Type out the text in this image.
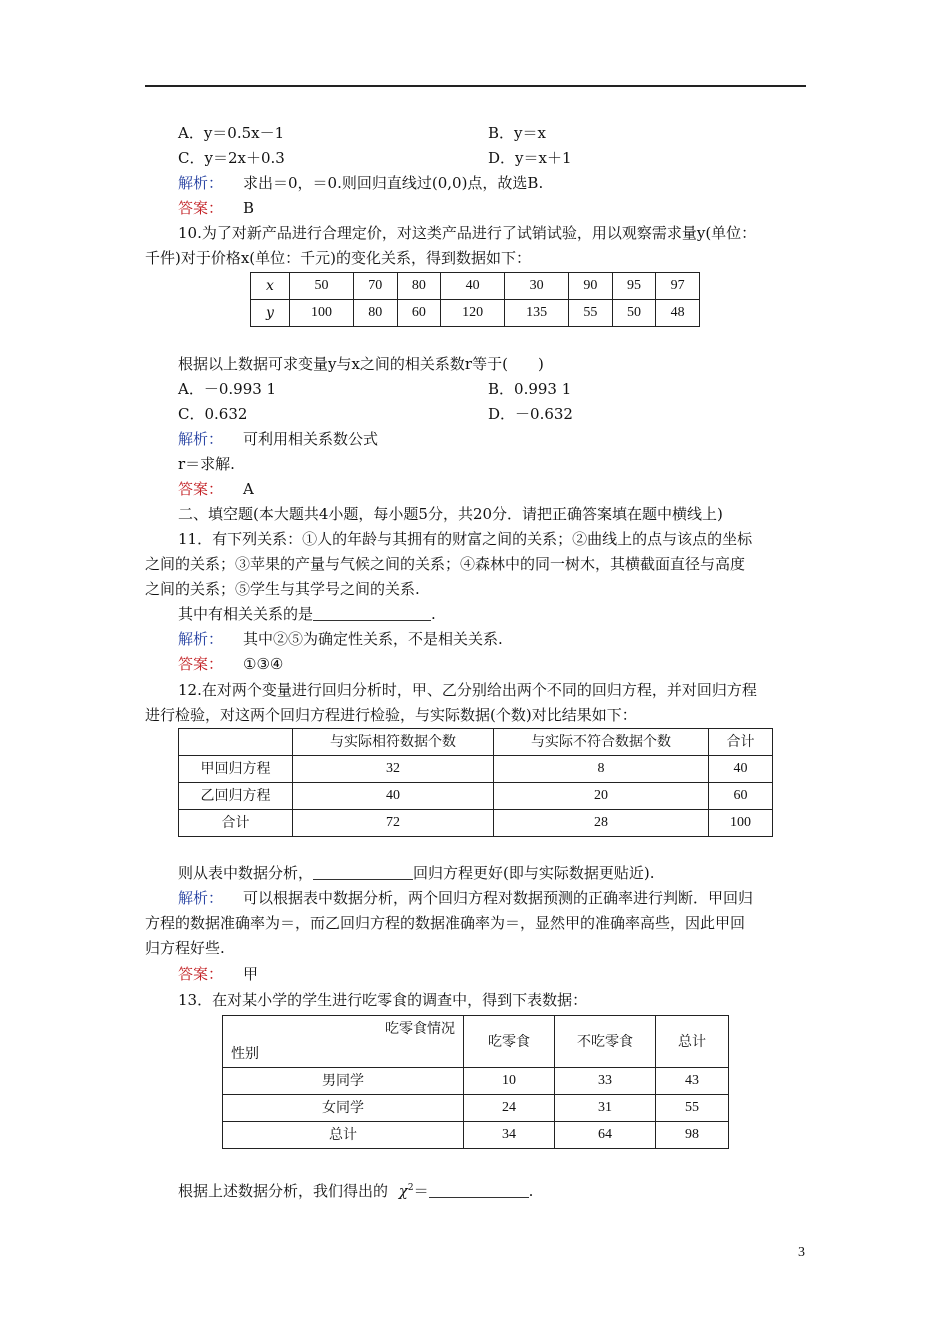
A．y＝0.5x－1	B．y＝x
C．y＝2x＋0.3	D．y＝x＋1
解析： 求出＝0，＝0.则回归直线过(0,0)点，故选B.
答案： B
10.为了对新产品进行合理定价，对这类产品进行了试销试验，用以观察需求量y(单位：
千件)对于价格x(单位：千元)的变化关系，得到数据如下：
x	50	70	80	40	30	90	95	97
y	100	80	60	120	135	55	50	48
根据以上数据可求变量y与x之间的相关系数r等于(　　)
A．－0.993 1	B．0.993 1
C．0.632	D．－0.632
解析： 可利用相关系数公式
r＝求解.
答案： A
二、填空题(本大题共4小题，每小题5分，共20分．请把正确答案填在题中横线上)
11．有下列关系：①人的年龄与其拥有的财富之间的关系；②曲线上的点与该点的坐标
之间的关系；③苹果的产量与气候之间的关系；④森林中的同一树木，其横截面直径与高度
之间的关系；⑤学生与其学号之间的关系.
其中有相关关系的是	.
解析： 其中②⑤为确定性关系，不是相关关系.
答案： ①③④
12.在对两个变量进行回归分析时，甲、乙分别给出两个不同的回归方程，并对回归方程
进行检验，对这两个回归方程进行检验，与实际数据(个数)对比结果如下：
	与实际相符数据个数	与实际不符合数据个数	合计
甲回归方程	32	8	40
乙回归方程	40	20	60
合计	72	28	100
则从表中数据分析，	回归方程更好(即与实际数据更贴近).
解析： 可以根据表中数据分析，两个回归方程对数据预测的正确率进行判断．甲回归
方程的数据准确率为＝，而乙回归方程的数据准确率为＝，显然甲的准确率高些，因此甲回
归方程好些.
答案： 甲
13．在对某小学的学生进行吃零食的调查中，得到下表数据：
吃零食情况
性别	吃零食	不吃零食	总计
男同学	10	33	43
女同学	24	31	55
总计	34	64	98
根据上述数据分析，我们得出的 $\chi^2=$	.
3
